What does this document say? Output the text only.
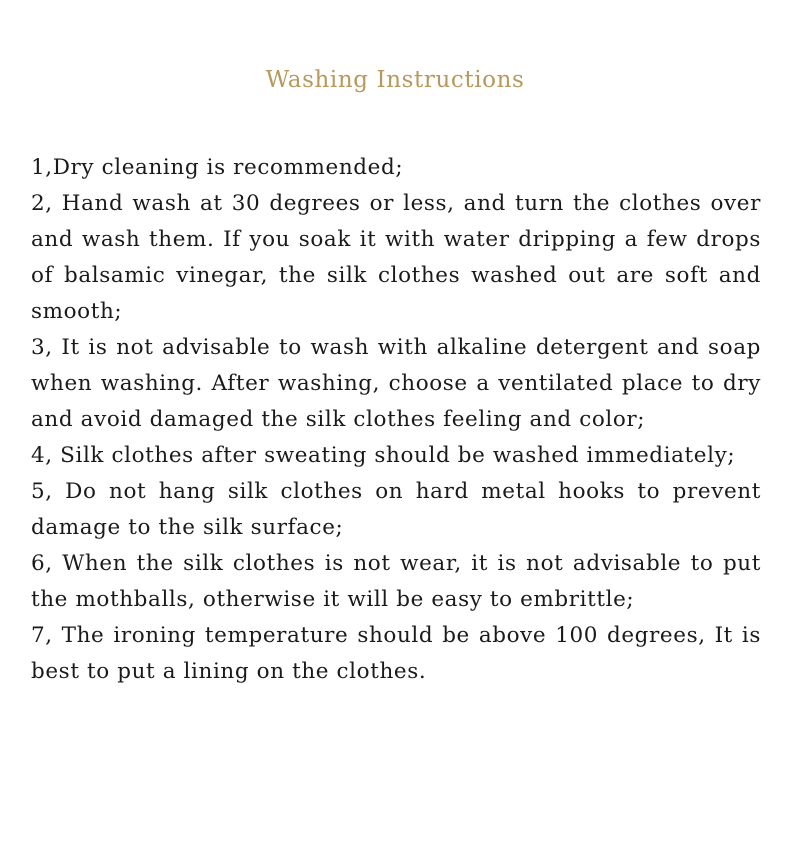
Washing Instructions

1,Dry cleaning is recommended;

2, Hand wash at 30 degrees or less, and turn the clothes over and wash them. If you soak it with water dripping a few drops of balsamic vinegar, the silk clothes washed out are soft and smooth;

3, It is not advisable to wash with alkaline detergent and soap when washing. After washing, choose a ventilated place to dry and avoid damaged the silk clothes feeling and color;

4, Silk clothes after sweating should be washed immediately;

5, Do not hang silk clothes on hard metal hooks to prevent damage to the silk surface;

6, When the silk clothes is not wear, it is not advisable to put the mothballs, otherwise it will be easy to embrittle;

7, The ironing temperature should be above 100 degrees, It is best to put a lining on the clothes.
